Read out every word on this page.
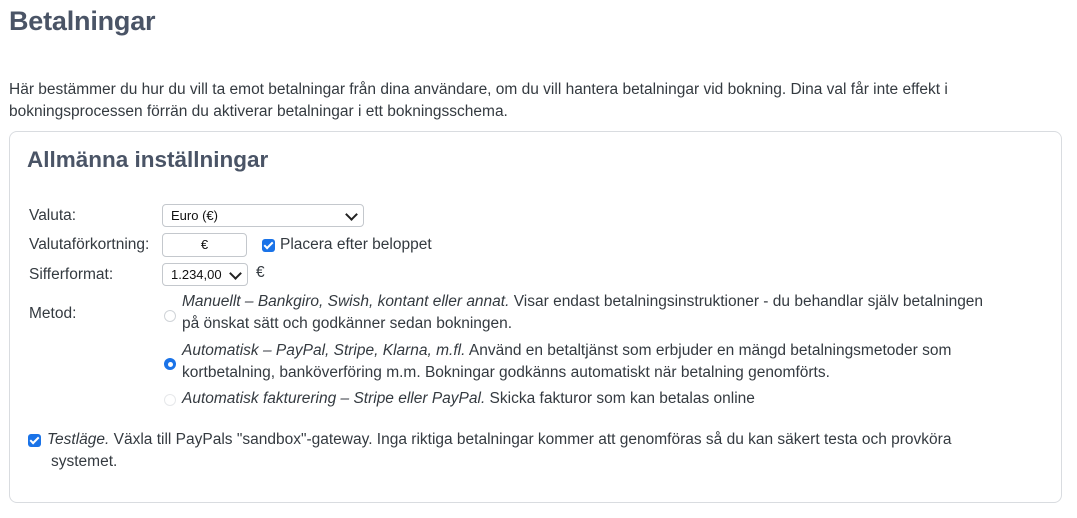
Betalningar

Här bestämmer du hur du vill ta emot betalningar från dina användare, om du vill hantera betalningar vid bokning. Dina val får inte effekt i bokningsprocessen förrän du aktiverar betalningar i ett bokningsschema.

Allmänna inställningar
Valuta:	Euro (€)
Valutaförkortning:	€	Placera efter beloppet
Sifferformat:	1.234,00	€
Metod:
Manuellt – Bankgiro, Swish, kontant eller annat. Visar endast betalningsinstruktioner - du behandlar själv betalningen
på önskat sätt och godkänner sedan bokningen.
Automatisk – PayPal, Stripe, Klarna, m.fl. Använd en betaltjänst som erbjuder en mängd betalningsmetoder som
kortbetalning, banköverföring m.m. Bokningar godkänns automatiskt när betalning genomförts.
Automatisk fakturering – Stripe eller PayPal. Skicka fakturor som kan betalas online
Testläge. Växla till PayPals "sandbox"-gateway. Inga riktiga betalningar kommer att genomföras så du kan säkert testa och provköra
systemet.
